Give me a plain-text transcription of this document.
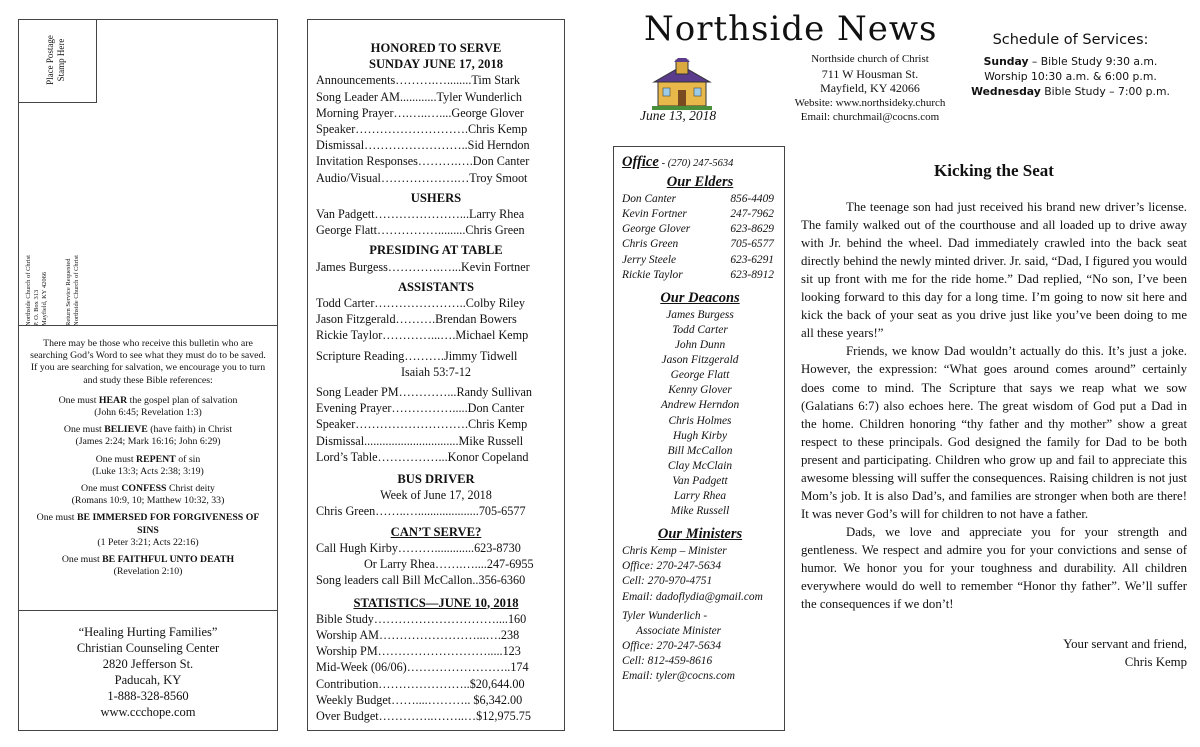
Place Postage Stamp Here
Northside Church of Christ P. O. Box 313 Mayfield, KY 42066	Return Service Requested Northside Church of Christ

There may be those who receive this bulletin who are searching God’s Word to see what they must do to be saved. If you are searching for salvation, we encourage you to turn and study these Bible references:

One must HEAR the gospel plan of salvation
(John 6:45; Revelation 1:3)

One must BELIEVE (have faith) in Christ
(James 2:24; Mark 16:16; John 6:29)

One must REPENT of sin
(Luke 13:3; Acts 2:38; 3:19)

One must CONFESS Christ deity
(Romans 10:9, 10; Matthew 10:32, 33)

One must BE IMMERSED FOR FORGIVENESS OF SINS
(1 Peter 3:21; Acts 22:16)

One must BE FAITHFUL UNTO DEATH
(Revelation 2:10)

“Healing Hurting Families”
Christian Counseling Center
2820 Jefferson St.
Paducah, KY
1-888-328-8560
www.ccchope.com
HONORED TO SERVE
SUNDAY JUNE 17, 2018
Announcements……….…........Tim Stark
Song Leader AM............Tyler Wunderlich
Morning Prayer….…..…....George Glover
Speaker……………………….Chris Kemp
Dismissal……………………..Sid Herndon
Invitation Responses……….….Don Canter
Audio/Visual……………….…Troy Smoot
USHERS
Van Padgett…………………...Larry Rhea
George Flatt…………….........Chris Green
PRESIDING AT TABLE
James Burgess………….…...Kevin Fortner
ASSISTANTS
Todd Carter…………………..Colby Riley
Jason Fitzgerald……….Brendan Bowers
Rickie Taylor…………...….Michael Kemp
Scripture Reading……….Jimmy Tidwell
Isaiah 53:7-12
Song Leader PM…………...Randy Sullivan
Evening Prayer…………….....Don Canter
Speaker……………………….Chris Kemp
Dismissal...............................Mike Russell
Lord’s Table……………...Konor Copeland
BUS DRIVER
Week of June 17, 2018
Chris Green……..…....................705-6577
CAN’T SERVE?
Call Hugh Kirby……….............623-8730
Or Larry Rhea…….…....247-6955
Song leaders call Bill McCallon..356-6360
STATISTICS—JUNE 10, 2018
Bible Study…………………………....160
Worship AM……………………...….238
Worship PM……………………….....123
Mid-Week (06/06)……………………..174
Contribution…………………..$20,644.00
Weekly Budget……....……….. $6,342.00
Over Budget…………..……..…$12,975.75
Northside News
June 13, 2018
Northside church of Christ
711 W Housman St.
Mayfield, KY 42066
Website: www.northsideky.church
Email: churchmail@cocns.com
Schedule of Services:
Sunday – Bible Study 9:30 a.m.
Worship 10:30 a.m. & 6:00 p.m.
Wednesday Bible Study – 7:00 p.m.
Office - (270) 247-5634
Our Elders
Don Canter	856-4409
Kevin Fortner	247-7962
George Glover	623-8629
Chris Green	705-6577
Jerry Steele	623-6291
Rickie Taylor	623-8912
Our Deacons
James Burgess
Todd Carter
John Dunn
Jason Fitzgerald
George Flatt
Kenny Glover
Andrew Herndon
Chris Holmes
Hugh Kirby
Bill McCallon
Clay McClain
Van Padgett
Larry Rhea
Mike Russell
Our Ministers
Chris Kemp – Minister
Office: 270-247-5634
Cell: 270-970-4751
Email: dadoflydia@gmail.com
Tyler Wunderlich -
Associate Minister
Office: 270-247-5634
Cell: 812-459-8616
Email: tyler@cocns.com
Kicking the Seat

The teenage son had just received his brand new driver’s license. The family walked out of the courthouse and all loaded up to drive away with Jr. behind the wheel. Dad immediately crawled into the back seat directly behind the newly minted driver. Jr. said, “Dad, I figured you would sit up front with me for the ride home.” Dad replied, “No son, I’ve been looking forward to this day for a long time. I’m going to now sit here and kick the back of your seat as you drive just like you’ve been doing to me all these years!”

Friends, we know Dad wouldn’t actually do this. It’s just a joke. However, the expression: “What goes around comes around” certainly does come to mind. The Scripture that says we reap what we sow (Galatians 6:7) also echoes here. The great wisdom of God put a Dad in the home. Children honoring “thy father and thy mother” show a great respect to these principals. God designed the family for Dad to be both present and participating. Children who grow up and fail to appreciate this awesome blessing will suffer the consequences. Raising children is not just Mom’s job. It is also Dad’s, and families are stronger when both are there! It was never God’s will for children to not have a father.

Dads, we love and appreciate you for your strength and gentleness. We respect and admire you for your convictions and sense of humor. We honor you for your toughness and durability. All children everywhere would do well to remember “Honor thy father”. We’ll suffer the consequences if we don’t!

Your servant and friend,
Chris Kemp
